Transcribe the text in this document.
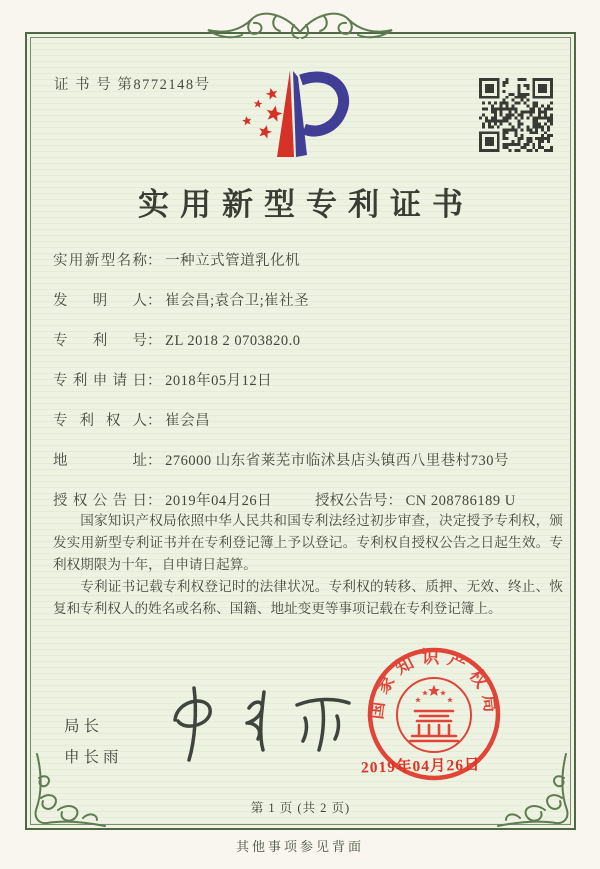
证 书 号 第8772148号
实用新型专利证书
实用新型名称： 一种立式管道乳化机
发明人： 崔会昌;袁合卫;崔社圣
专利号： ZL 2018 2 0703820.0
专利申请日： 2018年05月12日
专利权人： 崔会昌
地址： 276000 山东省莱芜市临沭县店头镇西八里巷村730号
授权公告日： 2019年04月26日	授权公告号： CN 208786189 U

国家知识产权局依照中华人民共和国专利法经过初步审查，决定授予专利权，颁发实用新型专利证书并在专利登记簿上予以登记。专利权自授权公告之日起生效。专利权期限为十年，自申请日起算。

专利证书记载专利权登记时的法律状况。专利权的转移、质押、无效、终止、恢复和专利权人的姓名或名称、国籍、地址变更等事项记载在专利登记簿上。

局长
申长雨
国家知识产权局
2019年04月26日
第 1 页 (共 2 页)
其他事项参见背面
